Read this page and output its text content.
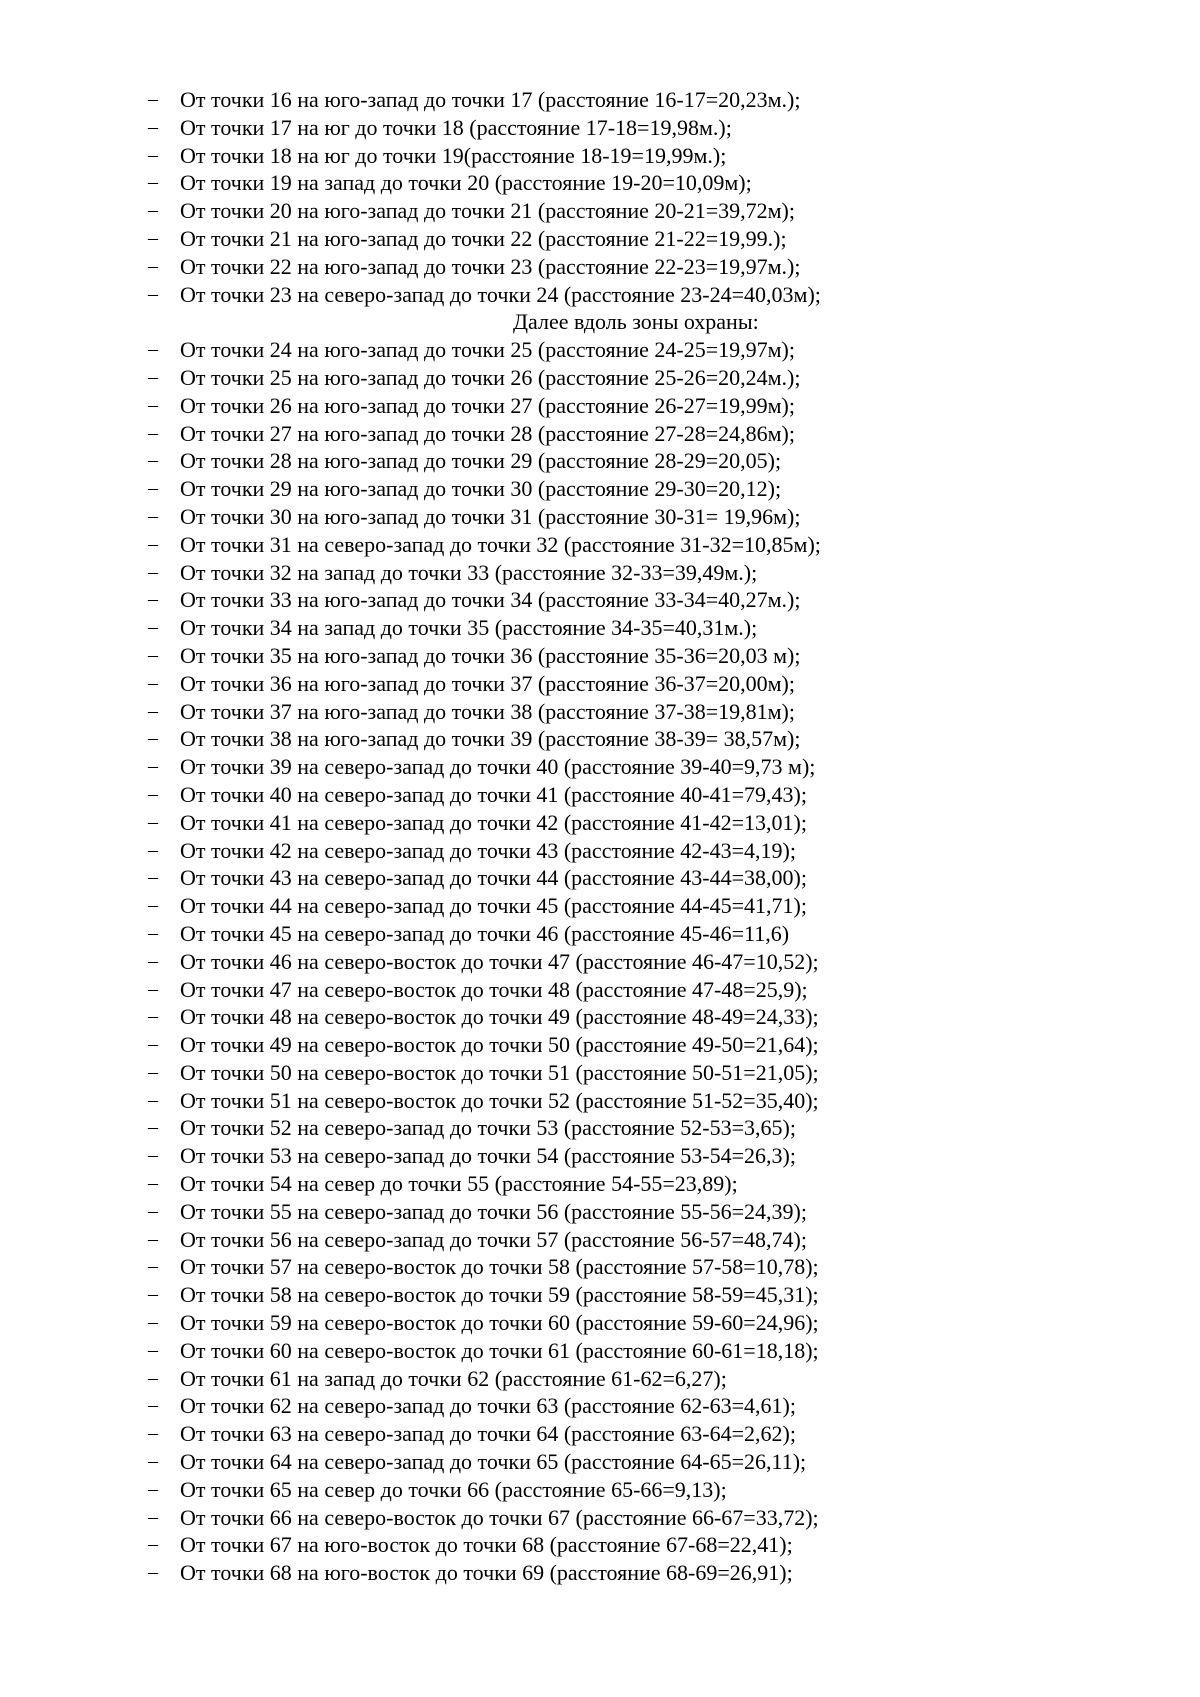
– От точки 16 на юго-запад до точки 17 (расстояние 16-17=20,23м.);
– От точки 17 на юг до точки 18 (расстояние 17-18=19,98м.);
– От точки 18 на юг до точки 19(расстояние 18-19=19,99м.);
– От точки 19 на запад до точки 20 (расстояние 19-20=10,09м);
– От точки 20 на юго-запад до точки 21 (расстояние 20-21=39,72м);
– От точки 21 на юго-запад до точки 22 (расстояние 21-22=19,99.);
– От точки 22 на юго-запад до точки 23 (расстояние 22-23=19,97м.);
– От точки 23 на северо-запад до точки 24 (расстояние 23-24=40,03м);
Далее вдоль зоны охраны:
– От точки 24 на юго-запад до точки 25 (расстояние 24-25=19,97м);
– От точки 25 на юго-запад до точки 26 (расстояние 25-26=20,24м.);
– От точки 26 на юго-запад до точки 27 (расстояние 26-27=19,99м);
– От точки 27 на юго-запад до точки 28 (расстояние 27-28=24,86м);
– От точки 28 на юго-запад до точки 29 (расстояние 28-29=20,05);
– От точки 29 на юго-запад до точки 30 (расстояние 29-30=20,12);
– От точки 30 на юго-запад до точки 31 (расстояние 30-31= 19,96м);
– От точки 31 на северо-запад до точки 32 (расстояние 31-32=10,85м);
– От точки 32 на запад до точки 33 (расстояние 32-33=39,49м.);
– От точки 33 на юго-запад до точки 34 (расстояние 33-34=40,27м.);
– От точки 34 на запад до точки 35 (расстояние 34-35=40,31м.);
– От точки 35 на юго-запад до точки 36 (расстояние 35-36=20,03 м);
– От точки 36 на юго-запад до точки 37 (расстояние 36-37=20,00м);
– От точки 37 на юго-запад до точки 38 (расстояние 37-38=19,81м);
– От точки 38 на юго-запад до точки 39 (расстояние 38-39= 38,57м);
– От точки 39 на северо-запад до точки 40 (расстояние 39-40=9,73 м);
– От точки 40 на северо-запад до точки 41 (расстояние 40-41=79,43);
– От точки 41 на северо-запад до точки 42 (расстояние 41-42=13,01);
– От точки 42 на северо-запад до точки 43 (расстояние 42-43=4,19);
– От точки 43 на северо-запад до точки 44 (расстояние 43-44=38,00);
– От точки 44 на северо-запад до точки 45 (расстояние 44-45=41,71);
– От точки 45 на северо-запад до точки 46 (расстояние 45-46=11,6)
– От точки 46 на северо-восток до точки 47 (расстояние 46-47=10,52);
– От точки 47 на северо-восток до точки 48 (расстояние 47-48=25,9);
– От точки 48 на северо-восток до точки 49 (расстояние 48-49=24,33);
– От точки 49 на северо-восток до точки 50 (расстояние 49-50=21,64);
– От точки 50 на северо-восток до точки 51 (расстояние 50-51=21,05);
– От точки 51 на северо-восток до точки 52 (расстояние 51-52=35,40);
– От точки 52 на северо-запад до точки 53 (расстояние 52-53=3,65);
– От точки 53 на северо-запад до точки 54 (расстояние 53-54=26,3);
– От точки 54 на север до точки 55 (расстояние 54-55=23,89);
– От точки 55 на северо-запад до точки 56 (расстояние 55-56=24,39);
– От точки 56 на северо-запад до точки 57 (расстояние 56-57=48,74);
– От точки 57 на северо-восток до точки 58 (расстояние 57-58=10,78);
– От точки 58 на северо-восток до точки 59 (расстояние 58-59=45,31);
– От точки 59 на северо-восток до точки 60 (расстояние 59-60=24,96);
– От точки 60 на северо-восток до точки 61 (расстояние 60-61=18,18);
– От точки 61 на запад до точки 62 (расстояние 61-62=6,27);
– От точки 62 на северо-запад до точки 63 (расстояние 62-63=4,61);
– От точки 63 на северо-запад до точки 64 (расстояние 63-64=2,62);
– От точки 64 на северо-запад до точки 65 (расстояние 64-65=26,11);
– От точки 65 на север до точки 66 (расстояние 65-66=9,13);
– От точки 66 на северо-восток до точки 67 (расстояние 66-67=33,72);
– От точки 67 на юго-восток до точки 68 (расстояние 67-68=22,41);
– От точки 68 на юго-восток до точки 69 (расстояние 68-69=26,91);
